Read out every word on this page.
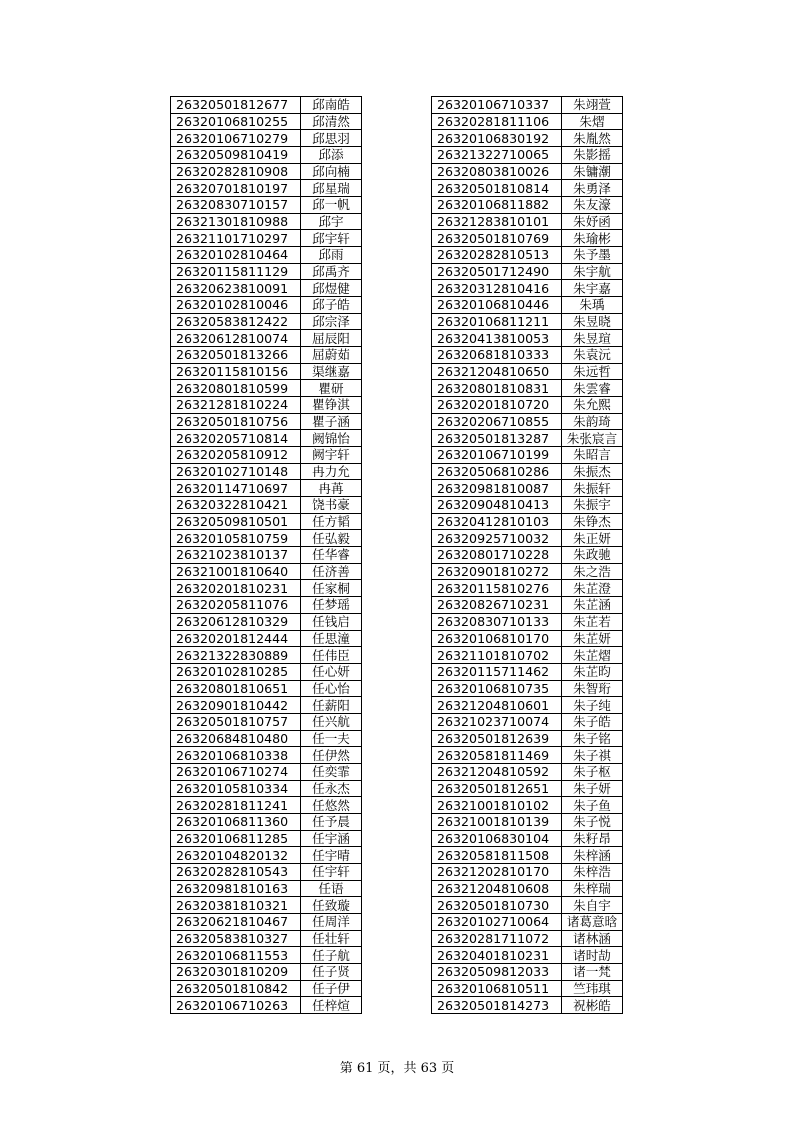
26320501812677	邱南皓
26320106810255	邱清然
26320106710279	邱思羽
26320509810419	邱添
26320282810908	邱向楠
26320701810197	邱星瑞
26320830710157	邱一帆
26321301810988	邱宇
26321101710297	邱宇轩
26320102810464	邱雨
26320115811129	邱禹齐
26320623810091	邱煜健
26320102810046	邱子皓
26320583812422	邱宗泽
26320612810074	屈辰阳
26320501813266	屈蔚茹
26320115810156	渠继嘉
26320801810599	瞿研
26321281810224	瞿铮淇
26320501810756	瞿子涵
26320205710814	阙锦怡
26320205810912	阙宇轩
26320102710148	冉力允
26320114710697	冉苒
26320322810421	饶书豪
26320509810501	任方韬
26320105810759	任弘毅
26321023810137	任华睿
26321001810640	任济善
26320201810231	任家桐
26320205811076	任梦瑶
26320612810329	任钱启
26320201812444	任思潼
26321322830889	任伟臣
26320102810285	任心妍
26320801810651	任心怡
26320901810442	任薪阳
26320501810757	任兴航
26320684810480	任一夫
26320106810338	任伊然
26320106710274	任奕霏
26320105810334	任永杰
26320281811241	任悠然
26320106811360	任予晨
26320106811285	任宇涵
26320104820132	任宇晴
26320282810543	任宇轩
26320981810163	任语
26320381810321	任致璇
26320621810467	任周洋
26320583810327	任壮轩
26320106811553	任子航
26320301810209	任子贤
26320501810842	任子伊
26320106710263	任梓煊
26320106710337	朱翊萱
26320281811106	朱熠
26320106830192	朱胤然
26321322710065	朱影摇
26320803810026	朱镛潮
26320501810814	朱勇泽
26320106811882	朱友濠
26321283810101	朱妤函
26320501810769	朱瑜彬
26320282810513	朱予墨
26320501712490	朱宇航
26320312810416	朱宇嘉
26320106810446	朱瑀
26320106811211	朱昱晓
26320413810053	朱昱瑄
26320681810333	朱袁沅
26321204810650	朱远哲
26320801810831	朱雲睿
26320201810720	朱允熙
26320206710855	朱韵琦
26320501813287	朱张宸言
26320106710199	朱昭言
26320506810286	朱振杰
26320981810087	朱振轩
26320904810413	朱振宇
26320412810103	朱铮杰
26320925710032	朱正妍
26320801710228	朱政驰
26320901810272	朱之浩
26320115810276	朱芷澄
26320826710231	朱芷涵
26320830710133	朱芷若
26320106810170	朱芷妍
26321101810702	朱芷熠
26320115711462	朱芷昀
26320106810735	朱智珩
26321204810601	朱子纯
26321023710074	朱子皓
26320501812639	朱子铭
26320581811469	朱子祺
26321204810592	朱子枢
26320501812651	朱子妍
26321001810102	朱子鱼
26321001810139	朱子悦
26320106830104	朱籽昂
26320581811508	朱梓涵
26321202810170	朱梓浩
26321204810608	朱梓瑞
26320501810730	朱自宇
26320102710064	诸葛意晗
26320281711072	诸林涵
26320401810231	诸时劼
26320509812033	诸一梵
26320106810511	竺玮琪
26320501814273	祝彬皓
第 61 页，共 63 页
